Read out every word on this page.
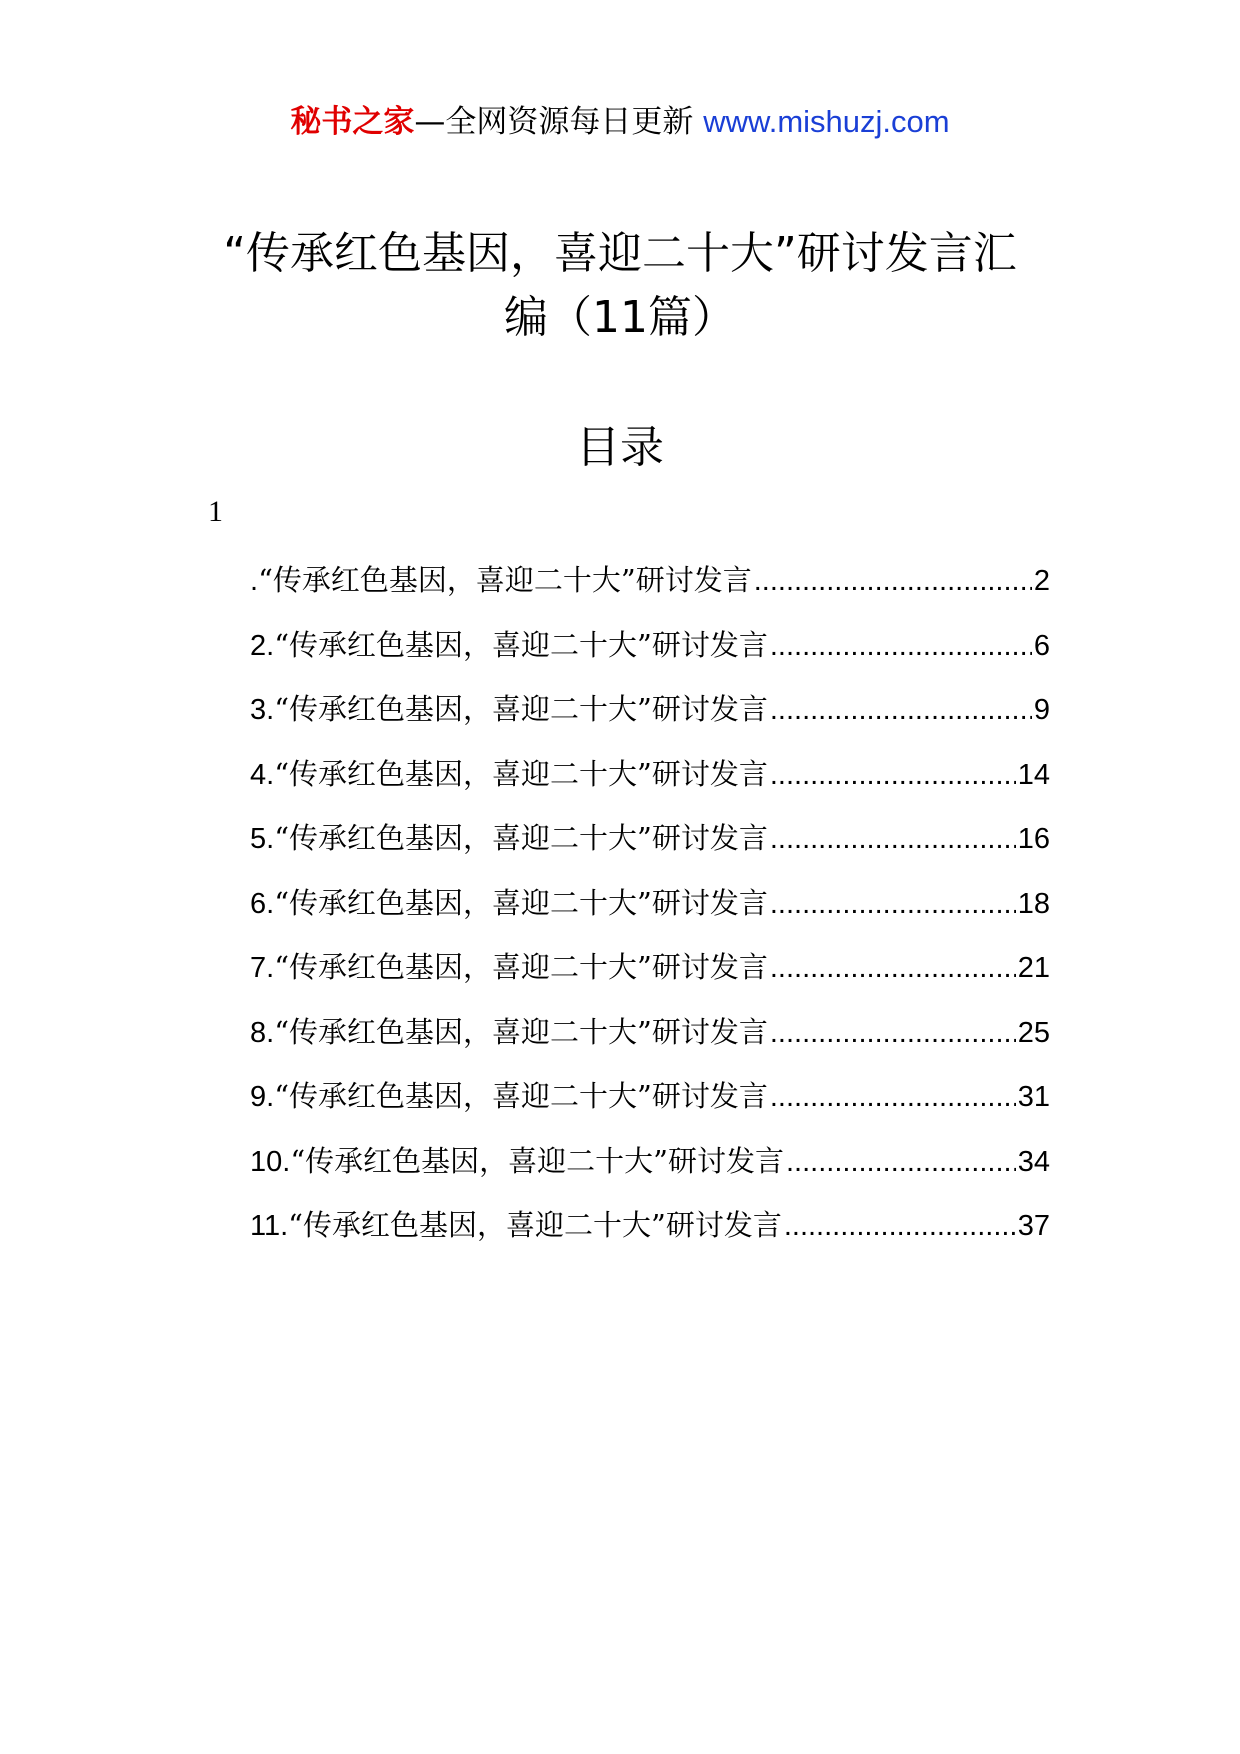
秘书之家—全网资源每日更新 www.mishuzj.com
“传承红色基因，喜迎二十大”研讨发言汇
编（11篇）
目录
1
. “传承红色基因，喜迎二十大”研讨发言 .....	2
2. “传承红色基因，喜迎二十大”研讨发言 .....	6
3. “传承红色基因，喜迎二十大”研讨发言 .....	9
4. “传承红色基因，喜迎二十大”研讨发言 .....	14
5. “传承红色基因，喜迎二十大”研讨发言 .....	16
6. “传承红色基因，喜迎二十大”研讨发言 .....	18
7. “传承红色基因，喜迎二十大”研讨发言 .....	21
8. “传承红色基因，喜迎二十大”研讨发言 .....	25
9. “传承红色基因，喜迎二十大”研讨发言 .....	31
10. “传承红色基因，喜迎二十大”研讨发言 .....	34
11. “传承红色基因，喜迎二十大”研讨发言 .....	37
